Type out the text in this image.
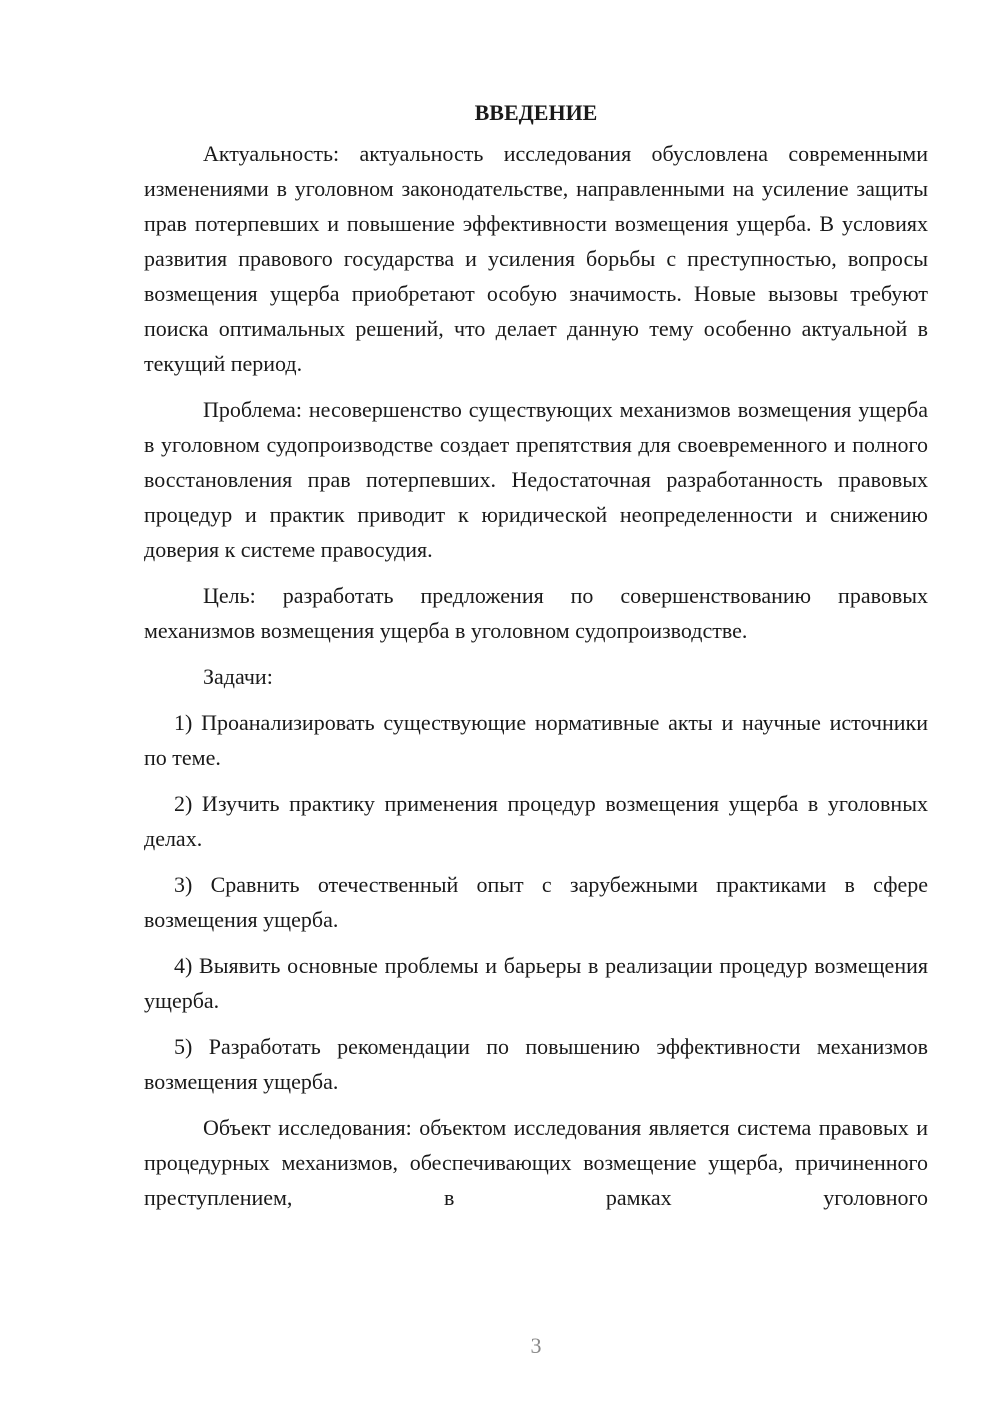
ВВЕДЕНИЕ

Актуальность: актуальность исследования обусловлена современными изменениями в уголовном законодательстве, направленными на усиление защиты прав потерпевших и повышение эффективности возмещения ущерба. В условиях развития правового государства и усиления борьбы с преступностью, вопросы возмещения ущерба приобретают особую значимость. Новые вызовы требуют поиска оптимальных решений, что делает данную тему особенно актуальной в текущий период.

Проблема: несовершенство существующих механизмов возмещения ущерба в уголовном судопроизводстве создает препятствия для своевременного и полного восстановления прав потерпевших. Недостаточная разработанность правовых процедур и практик приводит к юридической неопределенности и снижению доверия к системе правосудия.

Цель: разработать предложения по совершенствованию правовых механизмов возмещения ущерба в уголовном судопроизводстве.

Задачи:

1) Проанализировать существующие нормативные акты и научные источники по теме.

2) Изучить практику применения процедур возмещения ущерба в уголовных делах.

3) Сравнить отечественный опыт с зарубежными практиками в сфере возмещения ущерба.

4) Выявить основные проблемы и барьеры в реализации процедур возмещения ущерба.

5) Разработать рекомендации по повышению эффективности механизмов возмещения ущерба.

Объект исследования: объектом исследования является система правовых и процедурных механизмов, обеспечивающих возмещение ущерба, причиненного преступлением, в рамках уголовного

3
